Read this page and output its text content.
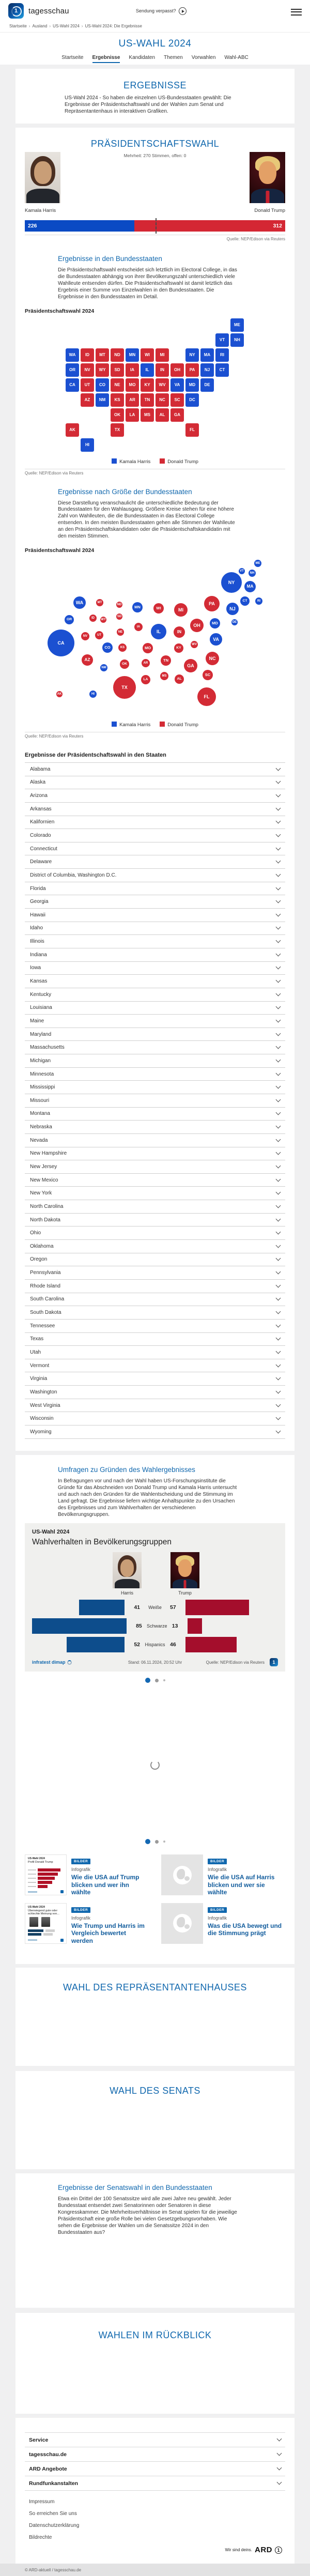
1
tagesschau	Sendung verpasst?
Startseite › Ausland › US-Wahl 2024 › US-Wahl 2024: Die Ergebnisse
US-WAHL 2024
Startseite Ergebnisse Kandidaten Themen Vorwahlen Wahl-ABC
ERGEBNISSE
US-Wahl 2024 - So haben die einzelnen US-Bundesstaaten gewählt: Die Ergebnisse der Präsidentschaftswahl und der Wahlen zum Senat und Repräsentantenhaus in interaktiven Grafiken.
PRÄSIDENTSCHAFTSWAHL
Mehrheit: 270 Stimmen, offen: 0
Kamala Harris	Donald Trump
226	312
Quelle: NEP/Edison via Reuters
Ergebnisse in den Bundesstaaten
Die Präsidentschaftswahl entscheidet sich letztlich im Electoral College, in das die Bundesstaaten abhängig von ihrer Bevölkerungszahl unterschiedlich viele Wahlleute entsenden dürfen. Die Präsidentschaftswahl ist damit letztlich das Ergebnis einer Summe von Einzelwahlen in den Bundesstaaten. Die Ergebnisse in den Bundesstaaten im Detail.
Präsidentschaftswahl 2024
ME
VT	NH
WA	ID	MT	ND	MN	WI	MI	NY	MA	RI
OR	NV	WY	SD	IA	IL	IN	OH	PA	NJ	CT
CA	UT	CO	NE	MO	KY	WV	VA	MD	DE
AZ	NM	KS	AR	TN	NC	SC	DC
OK	LA	MS	AL	GA
AK	TX	FL
HI
Kamala Harris	Donald Trump
Quelle: NEP/Edison via Reuters
Ergebnisse nach Größe der Bundesstaaten
Diese Darstellung veranschaulicht die unterschiedliche Bedeutung der Bundesstaaten für den Wahlausgang. Größere Kreise stehen für eine höhere Zahl von Wahlleuten, die die Bundesstaaten in das Electoral College entsenden. In den meisten Bundesstaaten gehen alle Stimmen der Wahlleute an den Präsidentschaftskandidaten oder die Präsidentschaftskandidatin mit den meisten Stimmen.
Präsidentschaftswahl 2024
ME
VT
NH
NY
MA
CT	RI
NJ
PA
DE
MD
VA
WV
OH
MI
WI
MN
ND
SD
MT
WA
OR	ID	WY
IA
NE	IL	IN
KY
MO
KS
CO
UT
NV
CA
AZ
NM
OK	AR
TN	NC
SC
GA
AL
MS
LA
TX
FL
AK	HI
Kamala Harris	Donald Trump
Quelle: NEP/Edison via Reuters
Ergebnisse der Präsidentschaftswahl in den Staaten
Alabama
Alaska
Arizona
Arkansas
Kalifornien
Colorado
Connecticut
Delaware
District of Columbia, Washington D.C.
Florida
Georgia
Hawaii
Idaho
Illinois
Indiana
Iowa
Kansas
Kentucky
Louisiana
Maine
Maryland
Massachusetts
Michigan
Minnesota
Mississippi
Missouri
Montana
Nebraska
Nevada
New Hampshire
New Jersey
New Mexico
New York
North Carolina
North Dakota
Ohio
Oklahoma
Oregon
Pennsylvania
Rhode Island
South Carolina
South Dakota
Tennessee
Texas
Utah
Vermont
Virginia
Washington
West Virginia
Wisconsin
Wyoming
Umfragen zu Gründen des Wahlergebnisses
In Befragungen vor und nach der Wahl haben US-Forschungsinstitute die Gründe für das Abschneiden von Donald Trump und Kamala Harris untersucht und auch nach den Gründen für die Wahlentscheidung und die Stimmung im Land gefragt. Die Ergebnisse liefern wichtige Anhaltspunkte zu den Ursachen des Ergebnisses und zum Wahlverhalten der verschiedenen Bevölkerungsgruppen.
US-Wahl 2024
Wahlverhalten in Bevölkerungsgruppen
Harris	Trump
41	Weiße	57
85	Schwarze 13
52	Hispanics 46
infratest dimap	Stand: 06.11.2024, 20:52 Uhr	Quelle: NEP/Edison via Reuters	1
US-Wahl 2024
Profil Donald Trump	BILDER
Infografik
Wie die USA auf Trump blicken und wer ihn wählte
BILDER
Infografik
Wie die USA auf Harris blicken und wer sie wählte
US-Wahl 2024
Überwiegend gute oder schlechte Meinung von...
BILDER
Infografik
Wie Trump und Harris im Vergleich bewertet werden
BILDER
Infografik
Was die USA bewegt und die Stimmung prägt
WAHL DES REPRÄSENTANTENHAUSES
WAHL DES SENATS
Ergebnisse der Senatswahl in den Bundesstaaten
Etwa ein Drittel der 100 Senatssitze wird alle zwei Jahre neu gewählt. Jeder Bundesstaat entsendet zwei Senatorinnen oder Senatoren in diese Kongresskammer. Die Mehrheitsverhältnisse im Senat spielen für die jeweilige Präsidentschaft eine große Rolle bei vielen Gesetzgebungsvorhaben. Wie sehen die Ergebnisse der Wahlen um die Senatssitze 2024 in den Bundesstaaten aus?
WAHLEN IM RÜCKBLICK
Service
tagesschau.de
ARD Angebote
Rundfunkanstalten
Impressum
So erreichen Sie uns
Datenschutzerklärung
Bildrechte
Wir sind deins. ARD	1
© ARD-aktuell / tagesschau.de
